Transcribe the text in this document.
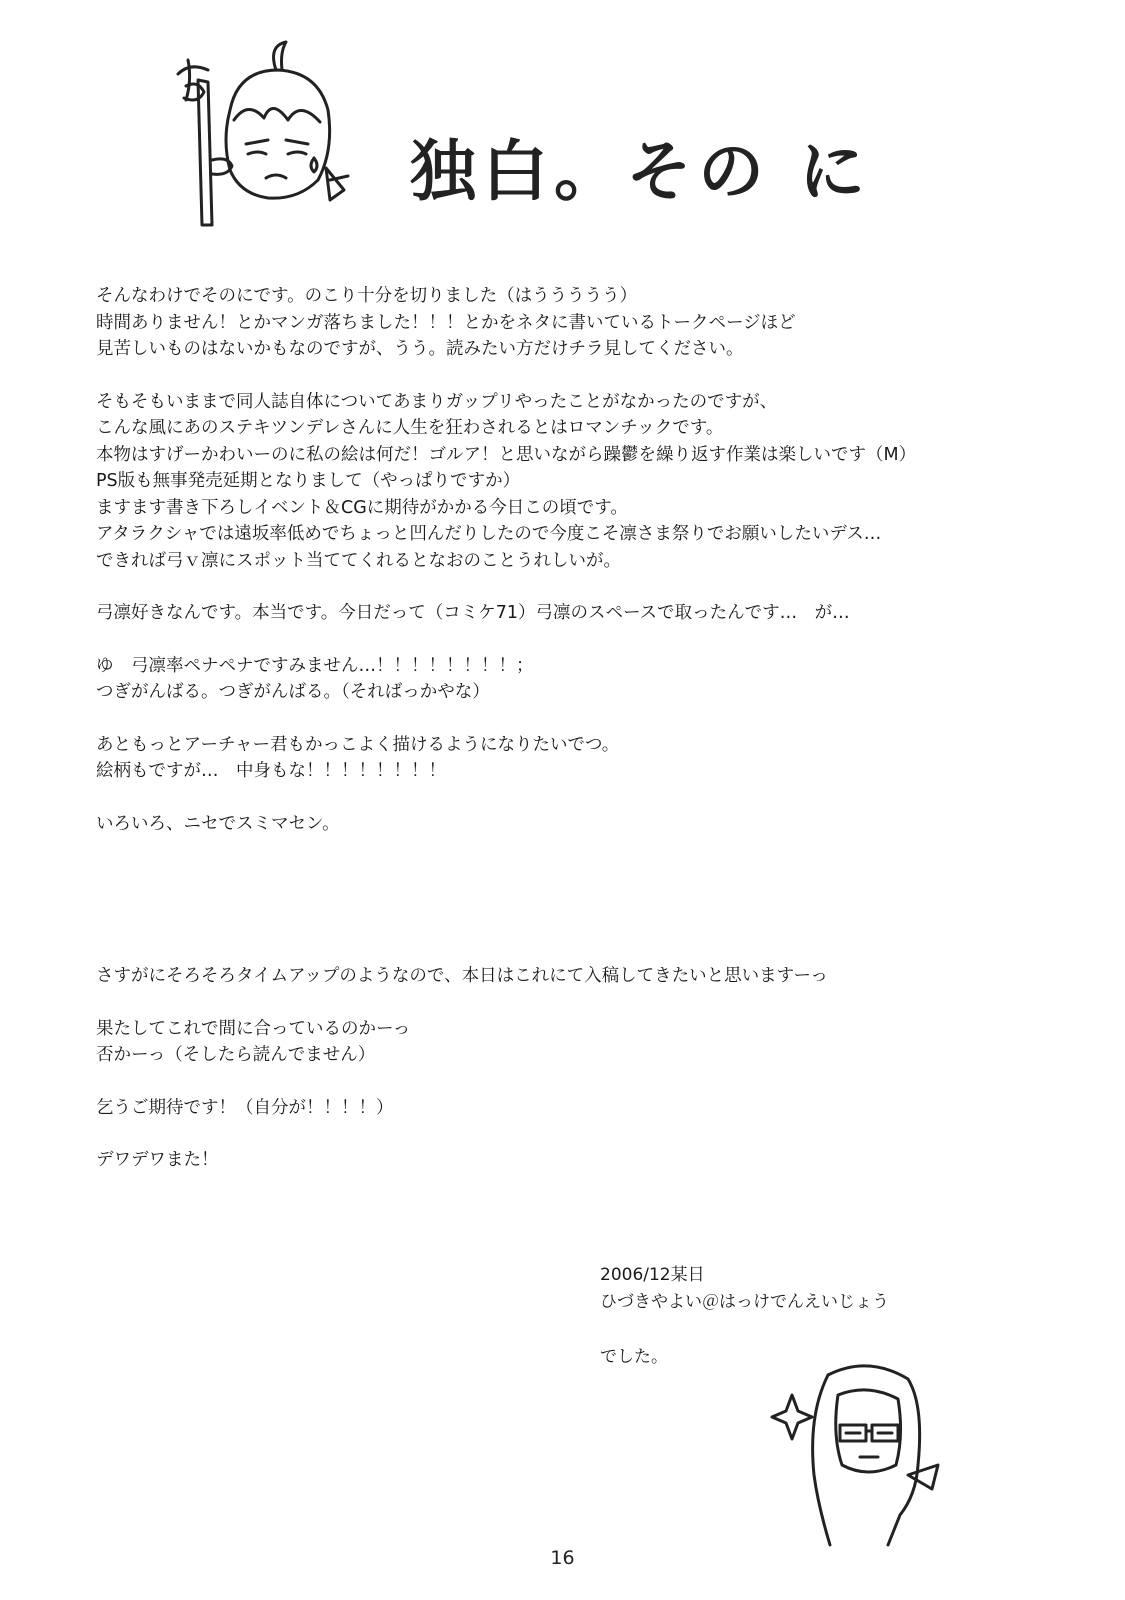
独白。その に
そんなわけでそのにです。のこり十分を切りました（はううううう）
時間ありません！とかマンガ落ちました！！！とかをネタに書いているトークページほど
見苦しいものはないかもなのですが、うう。読みたい方だけチラ見してください。
そもそもいままで同人誌自体についてあまりガップリやったことがなかったのですが、
こんな風にあのステキツンデレさんに人生を狂わされるとはロマンチックです。
本物はすげーかわいーのに私の絵は何だ！ゴルア！と思いながら躁鬱を繰り返す作業は楽しいです（M）
PS版も無事発売延期となりまして（やっぱりですか）
ますます書き下ろしイベント＆CGに期待がかかる今日この頃です。
アタラクシャでは遠坂率低めでちょっと凹んだりしたので今度こそ凛さま祭りでお願いしたいデス…
できれば弓ｖ凛にスポット当ててくれるとなおのことうれしいが。
弓凛好きなんです。本当です。今日だって（コミケ71）弓凛のスペースで取ったんです…　が…
ゆ　弓凛率ペナペナですみません…！！！！！！！！；
つぎがんばる。つぎがんばる。（そればっかやな）
あともっとアーチャー君もかっこよく描けるようになりたいでつ。
絵柄もですが…　中身もな！！！！！！！！
いろいろ、ニセでスミマセン。
さすがにそろそろタイムアップのようなので、本日はこれにて入稿してきたいと思いますーっ
果たしてこれで間に合っているのかーっ
否かーっ（そしたら読んでません）
乞うご期待です！（自分が！！！！）
デワデワまた！
2006/12某日
ひづきやよい＠はっけでんえいじょう
でした。
16
